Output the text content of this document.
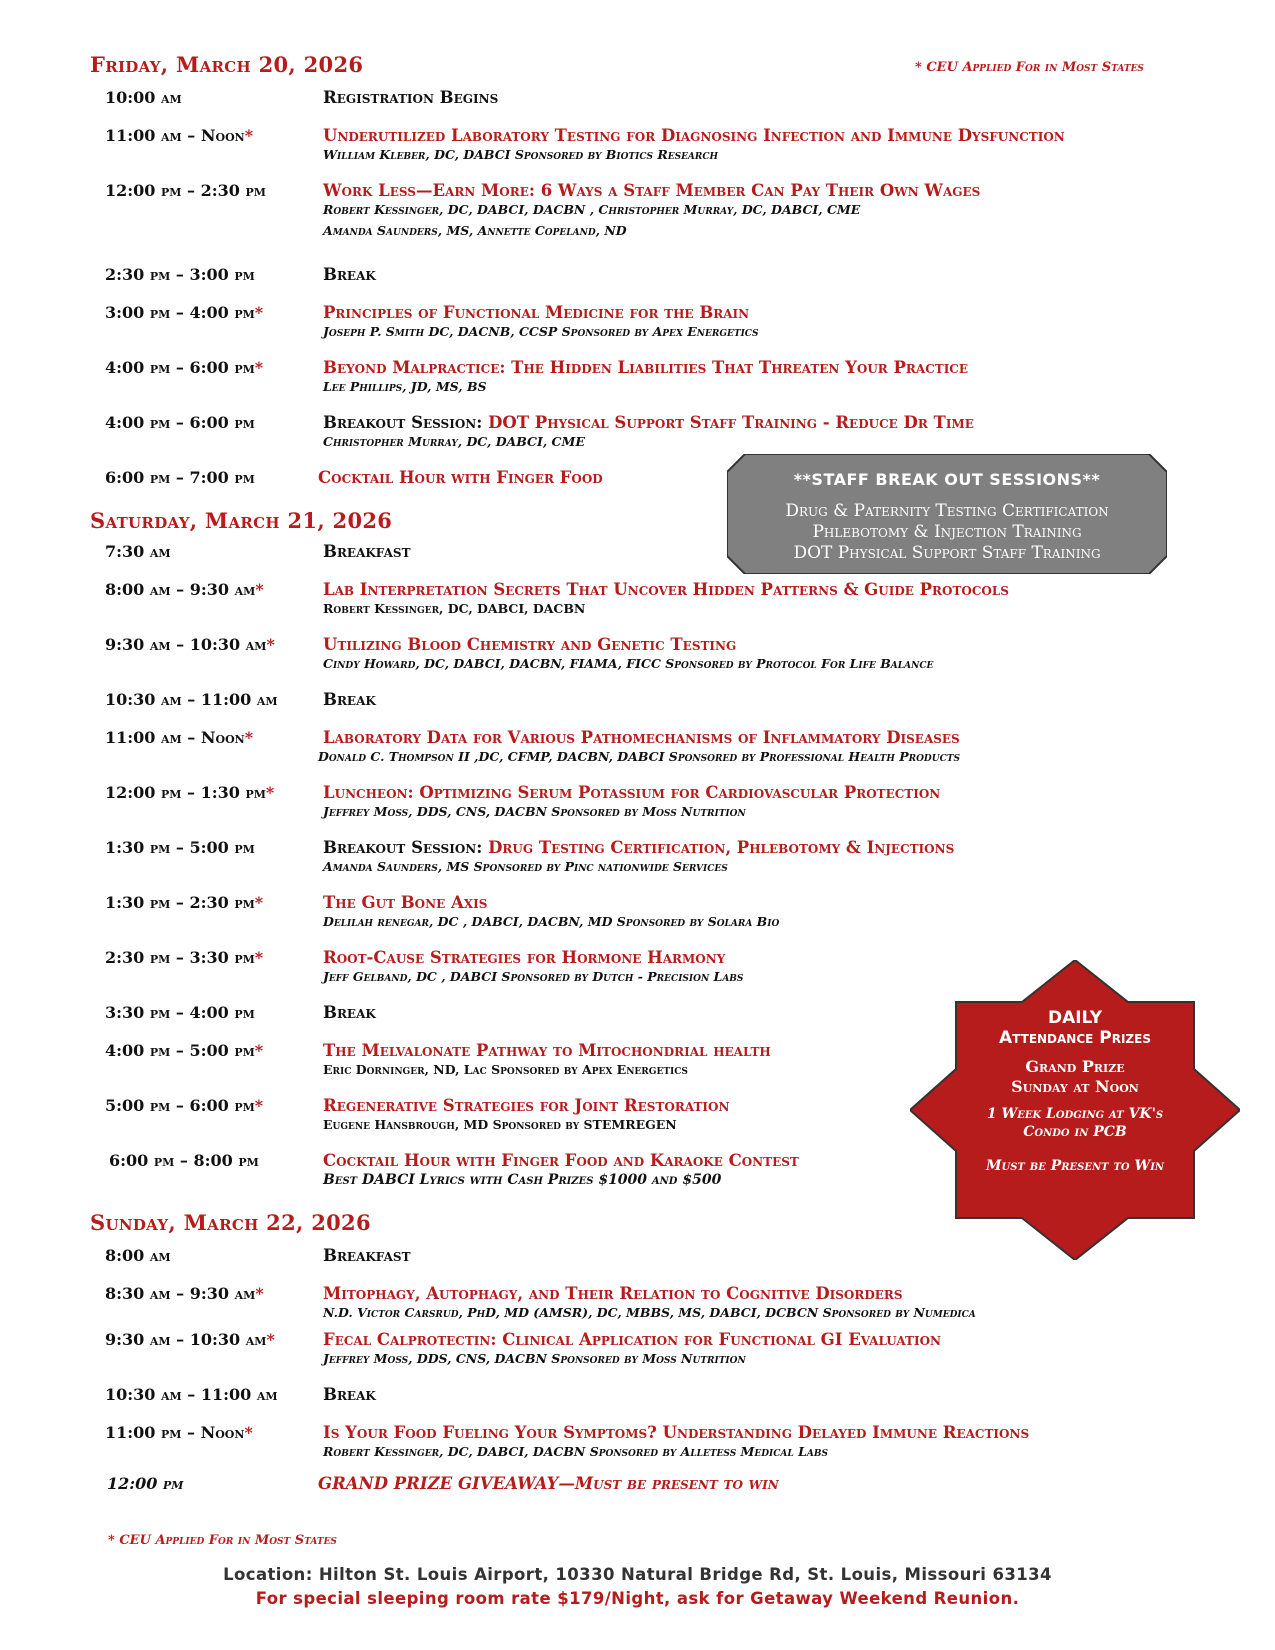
Friday, March 20, 2026	* CEU Applied For in Most States
10:00 am	Registration Begins
11:00 am – Noon*	Underutilized Laboratory Testing for Diagnosing Infection and Immune Dysfunction
William Kleber, DC, DABCI Sponsored by Biotics Research
12:00 pm – 2:30 pm	Work Less—Earn More: 6 Ways a Staff Member Can Pay Their Own Wages
Robert Kessinger, DC, DABCI, DACBN , Christopher Murray, DC, DABCI, CME
Amanda Saunders, MS, Annette Copeland, ND
2:30 pm – 3:00 pm	Break
3:00 pm – 4:00 pm*	Principles of Functional Medicine for the Brain
Joseph P. Smith DC, DACNB, CCSP Sponsored by Apex Energetics
4:00 pm – 6:00 pm*	Beyond Malpractice: The Hidden Liabilities That Threaten Your Practice
Lee Phillips, JD, MS, BS
4:00 pm – 6:00 pm	Breakout Session: DOT Physical Support Staff Training - Reduce Dr Time
Christopher Murray, DC, DABCI, CME
6:00 pm – 7:00 pm	Cocktail Hour with Finger Food	**STAFF BREAK OUT SESSIONS**
Drug & Paternity Testing Certification
Phlebotomy & Injection Training
DOT Physical Support Staff Training
Saturday, March 21, 2026
7:30 am	Breakfast
8:00 am – 9:30 am*	Lab Interpretation Secrets That Uncover Hidden Patterns & Guide Protocols
Robert Kessinger, DC, DABCI, DACBN
9:30 am – 10:30 am*	Utilizing Blood Chemistry and Genetic Testing
Cindy Howard, DC, DABCI, DACBN, FIAMA, FICC Sponsored by Protocol For Life Balance
10:30 am – 11:00 am	Break
11:00 am – Noon*	Laboratory Data for Various Pathomechanisms of Inflammatory Diseases
Donald C. Thompson II ,DC, CFMP, DACBN, DABCI Sponsored by Professional Health Products
12:00 pm – 1:30 pm*	Luncheon: Optimizing Serum Potassium for Cardiovascular Protection
Jeffrey Moss, DDS, CNS, DACBN Sponsored by Moss Nutrition
1:30 pm – 5:00 pm	Breakout Session: Drug Testing Certification, Phlebotomy & Injections
Amanda Saunders, MS Sponsored by Pinc nationwide Services
1:30 pm – 2:30 pm*	The Gut Bone Axis
Delilah renegar, DC , DABCI, DACBN, MD Sponsored by Solara Bio
2:30 pm – 3:30 pm*	Root-Cause Strategies for Hormone Harmony
Jeff Gelband, DC , DABCI Sponsored by Dutch - Precision Labs
3:30 pm – 4:00 pm	Break
4:00 pm – 5:00 pm*	The Melvalonate Pathway to Mitochondrial health
Eric Dorninger, ND, Lac Sponsored by Apex Energetics
5:00 pm – 6:00 pm*	Regenerative Strategies for Joint Restoration
Eugene Hansbrough, MD Sponsored by STEMREGEN
6:00 pm – 8:00 pm	Cocktail Hour with Finger Food and Karaoke Contest
Best DABCI Lyrics with Cash Prizes $1000 and $500
DAILY
Attendance Prizes
Grand Prize
Sunday at Noon
1 Week Lodging at VK's
Condo in PCB
Must be Present to Win
Sunday, March 22, 2026
8:00 am	Breakfast
8:30 am – 9:30 am*	Mitophagy, Autophagy, and Their Relation to Cognitive Disorders
N.D. Victor Carsrud, PhD, MD (AMSR), DC, MBBS, MS, DABCI, DCBCN Sponsored by Numedica
9:30 am – 10:30 am*	Fecal Calprotectin: Clinical Application for Functional GI Evaluation
Jeffrey Moss, DDS, CNS, DACBN Sponsored by Moss Nutrition
10:30 am – 11:00 am	Break
11:00 pm – Noon*	Is Your Food Fueling Your Symptoms? Understanding Delayed Immune Reactions
Robert Kessinger, DC, DABCI, DACBN Sponsored by Alletess Medical Labs
12:00 pm	GRAND PRIZE GIVEAWAY—Must be present to win
* CEU Applied For in Most States
Location: Hilton St. Louis Airport, 10330 Natural Bridge Rd, St. Louis, Missouri 63134
For special sleeping room rate $179/Night, ask for Getaway Weekend Reunion.
